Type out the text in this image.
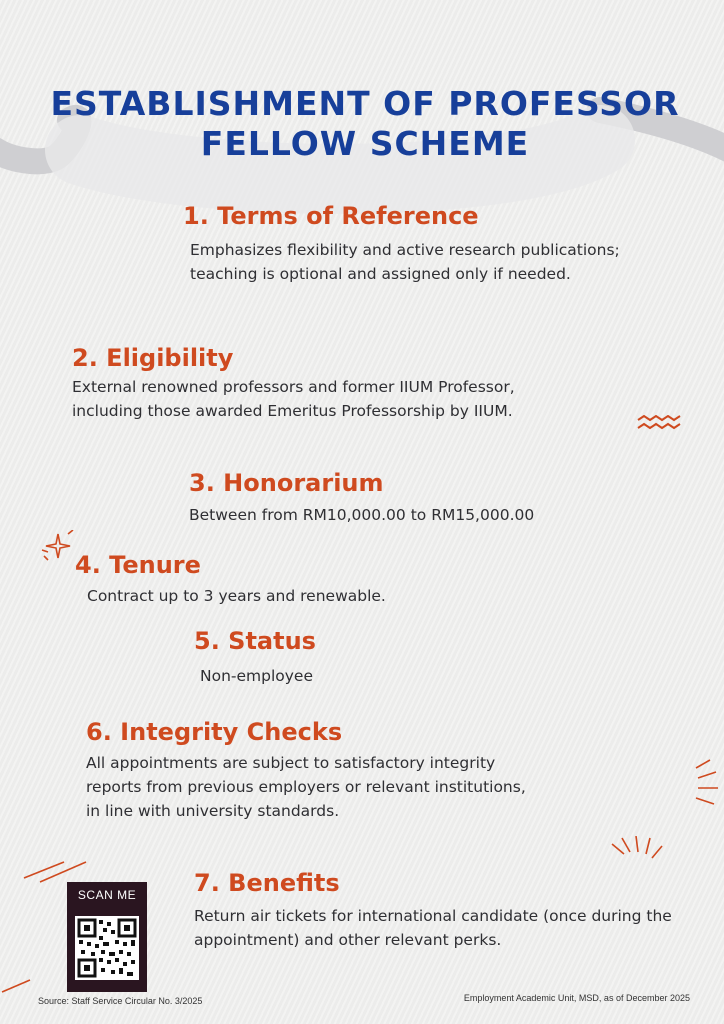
ESTABLISHMENT OF PROFESSOR FELLOW SCHEME
1. Terms of Reference
Emphasizes flexibility and active research publications; teaching is optional and assigned only if needed.
2. Eligibility
External renowned professors and former IIUM Professor, including those awarded Emeritus Professorship by IIUM.
3. Honorarium
Between from RM10,000.00 to RM15,000.00
4. Tenure
Contract up to 3 years and renewable.
5. Status
Non-employee
6. Integrity Checks
All appointments are subject to satisfactory integrity reports from previous employers or relevant institutions, in line with university standards.
7. Benefits
Return air tickets for international candidate (once during the appointment) and other relevant perks.
SCAN ME
Source: Staff Service Circular No. 3/2025	Employment Academic Unit, MSD, as of December 2025
